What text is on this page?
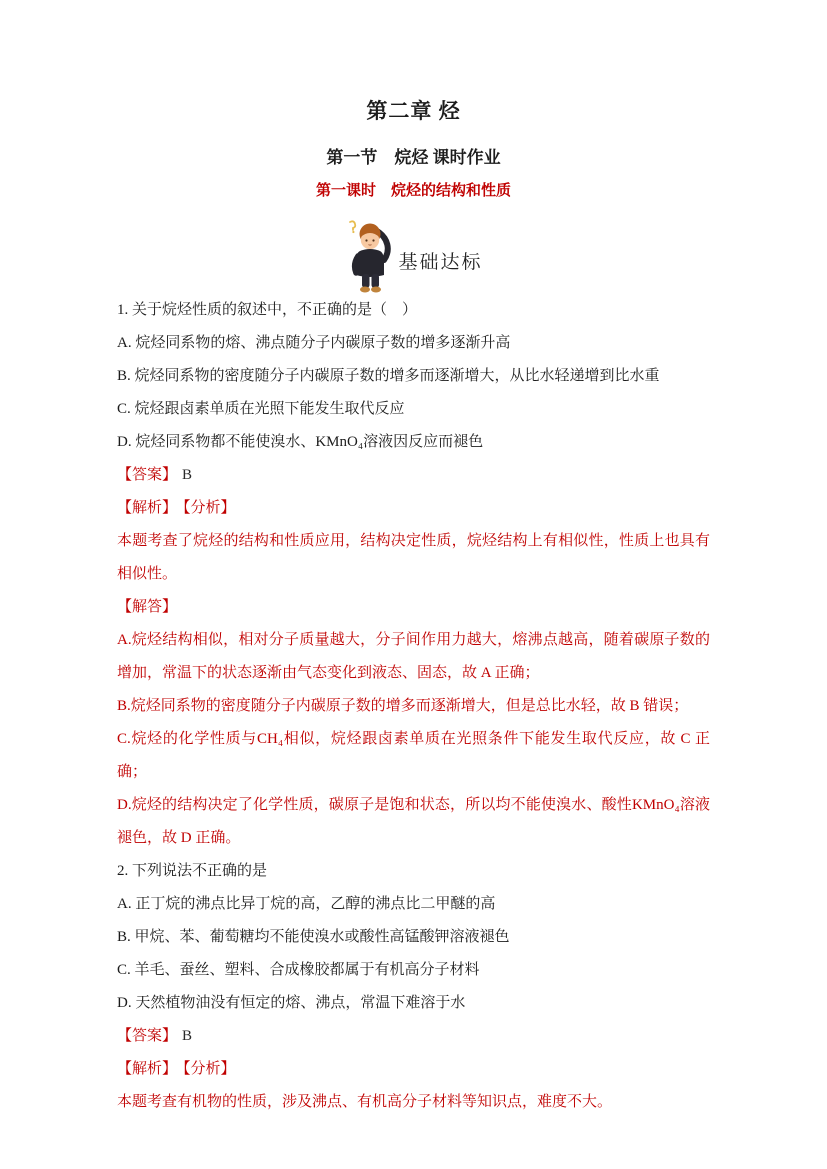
第二章 烃
第一节　烷烃 课时作业
第一课时　烷烃的结构和性质
基础达标

1. 关于烷烃性质的叙述中，不正确的是（　）

A. 烷烃同系物的熔、沸点随分子内碳原子数的增多逐渐升高

B. 烷烃同系物的密度随分子内碳原子数的增多而逐渐增大，从比水轻递增到比水重

C. 烷烃跟卤素单质在光照下能发生取代反应

D. 烷烃同系物都不能使溴水、KMnO₄溶液因反应而褪色

【答案】 B

【解析】 【分析】

本题考查了烷烃的结构和性质应用，结构决定性质，烷烃结构上有相似性，性质上也具有相似性。

【解答】

A.烷烃结构相似，相对分子质量越大，分子间作用力越大，熔沸点越高，随着碳原子数的增加，常温下的状态逐渐由气态变化到液态、固态，故 A 正确；

B.烷烃同系物的密度随分子内碳原子数的增多而逐渐增大，但是总比水轻，故 B 错误；

C.烷烃的化学性质与CH₄相似，烷烃跟卤素单质在光照条件下能发生取代反应，故 C 正确；

D.烷烃的结构决定了化学性质，碳原子是饱和状态，所以均不能使溴水、酸性KMnO₄溶液褪色，故 D 正确。

2. 下列说法不正确的是

A. 正丁烷的沸点比异丁烷的高，乙醇的沸点比二甲醚的高

B. 甲烷、苯、葡萄糖均不能使溴水或酸性高锰酸钾溶液褪色

C. 羊毛、蚕丝、塑料、合成橡胶都属于有机高分子材料

D. 天然植物油没有恒定的熔、沸点，常温下难溶于水

【答案】 B

【解析】 【分析】

本题考查有机物的性质，涉及沸点、有机高分子材料等知识点，难度不大。
